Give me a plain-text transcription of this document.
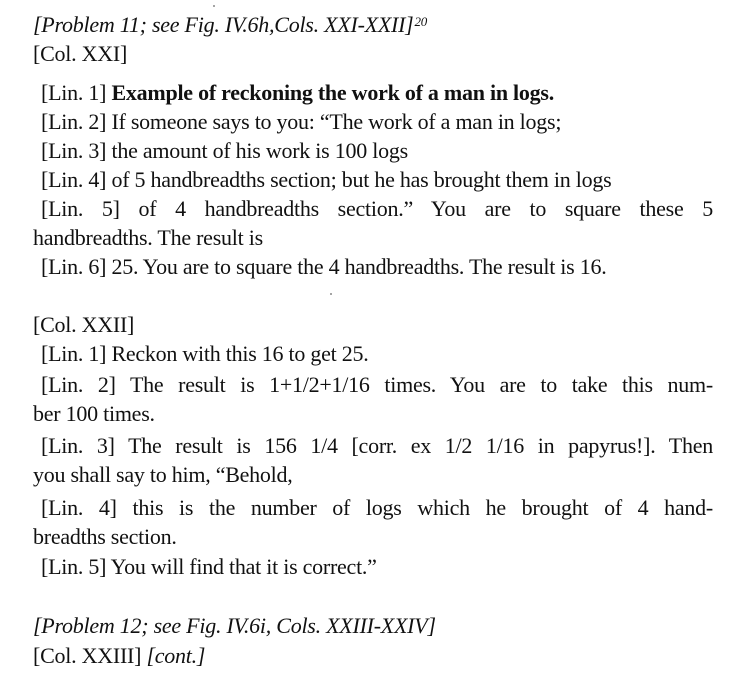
[Problem 11; see Fig. IV.6h,Cols. XXI-XXII]$^{20}$
[Col. XXI]
[Lin. 1] Example of reckoning the work of a man in logs.
[Lin. 2] If someone says to you: “The work of a man in logs;
[Lin. 3] the amount of his work is 100 logs
[Lin. 4] of 5 handbreadths section; but he has brought them in logs
[Lin. 5] of 4 handbreadths section.” You are to square these 5
handbreadths. The result is
[Lin. 6] 25. You are to square the 4 handbreadths. The result is 16.
[Col. XXII]
[Lin. 1] Reckon with this 16 to get 25.
[Lin. 2] The result is 1+1/2+1/16 times. You are to take this num-
ber 100 times.
[Lin. 3] The result is 156 1/4 [corr. ex 1/2 1/16 in papyrus!]. Then
you shall say to him, “Behold,
[Lin. 4] this is the number of logs which he brought of 4 hand-
breadths section.
[Lin. 5] You will find that it is correct.”
[Problem 12; see Fig. IV.6i, Cols. XXIII-XXIV]
[Col. XXIII] [cont.]
